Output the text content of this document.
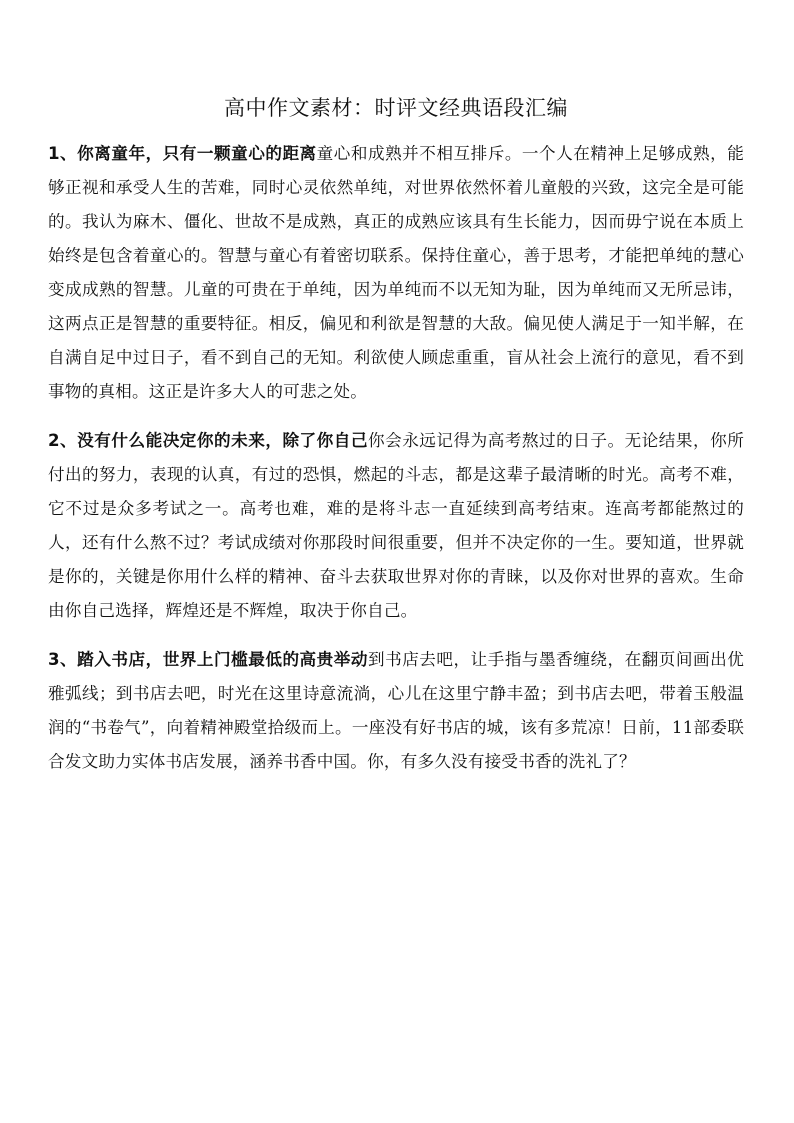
高中作文素材：时评文经典语段汇编

1、你离童年，只有一颗童心的距离童心和成熟并不相互排斥。一个人在精神上足够成熟，能够正视和承受人生的苦难，同时心灵依然单纯，对世界依然怀着儿童般的兴致，这完全是可能的。我认为麻木、僵化、世故不是成熟，真正的成熟应该具有生长能力，因而毋宁说在本质上始终是包含着童心的。智慧与童心有着密切联系。保持住童心，善于思考，才能把单纯的慧心变成成熟的智慧。儿童的可贵在于单纯，因为单纯而不以无知为耻，因为单纯而又无所忌讳，这两点正是智慧的重要特征。相反，偏见和利欲是智慧的大敌。偏见使人满足于一知半解，在自满自足中过日子，看不到自己的无知。利欲使人顾虑重重，盲从社会上流行的意见，看不到事物的真相。这正是许多大人的可悲之处。

2、没有什么能决定你的未来，除了你自己你会永远记得为高考熬过的日子。无论结果，你所付出的努力，表现的认真，有过的恐惧，燃起的斗志，都是这辈子最清晰的时光。高考不难，它不过是众多考试之一。高考也难，难的是将斗志一直延续到高考结束。连高考都能熬过的人，还有什么熬不过？考试成绩对你那段时间很重要，但并不决定你的一生。要知道，世界就是你的，关键是你用什么样的精神、奋斗去获取世界对你的青睐，以及你对世界的喜欢。生命由你自己选择，辉煌还是不辉煌，取决于你自己。

3、踏入书店，世界上门槛最低的高贵举动到书店去吧，让手指与墨香缠绕，在翻页间画出优雅弧线；到书店去吧，时光在这里诗意流淌，心儿在这里宁静丰盈；到书店去吧，带着玉般温润的“书卷气”，向着精神殿堂拾级而上。一座没有好书店的城，该有多荒凉！日前，11部委联合发文助力实体书店发展，涵养书香中国。你，有多久没有接受书香的洗礼了？
